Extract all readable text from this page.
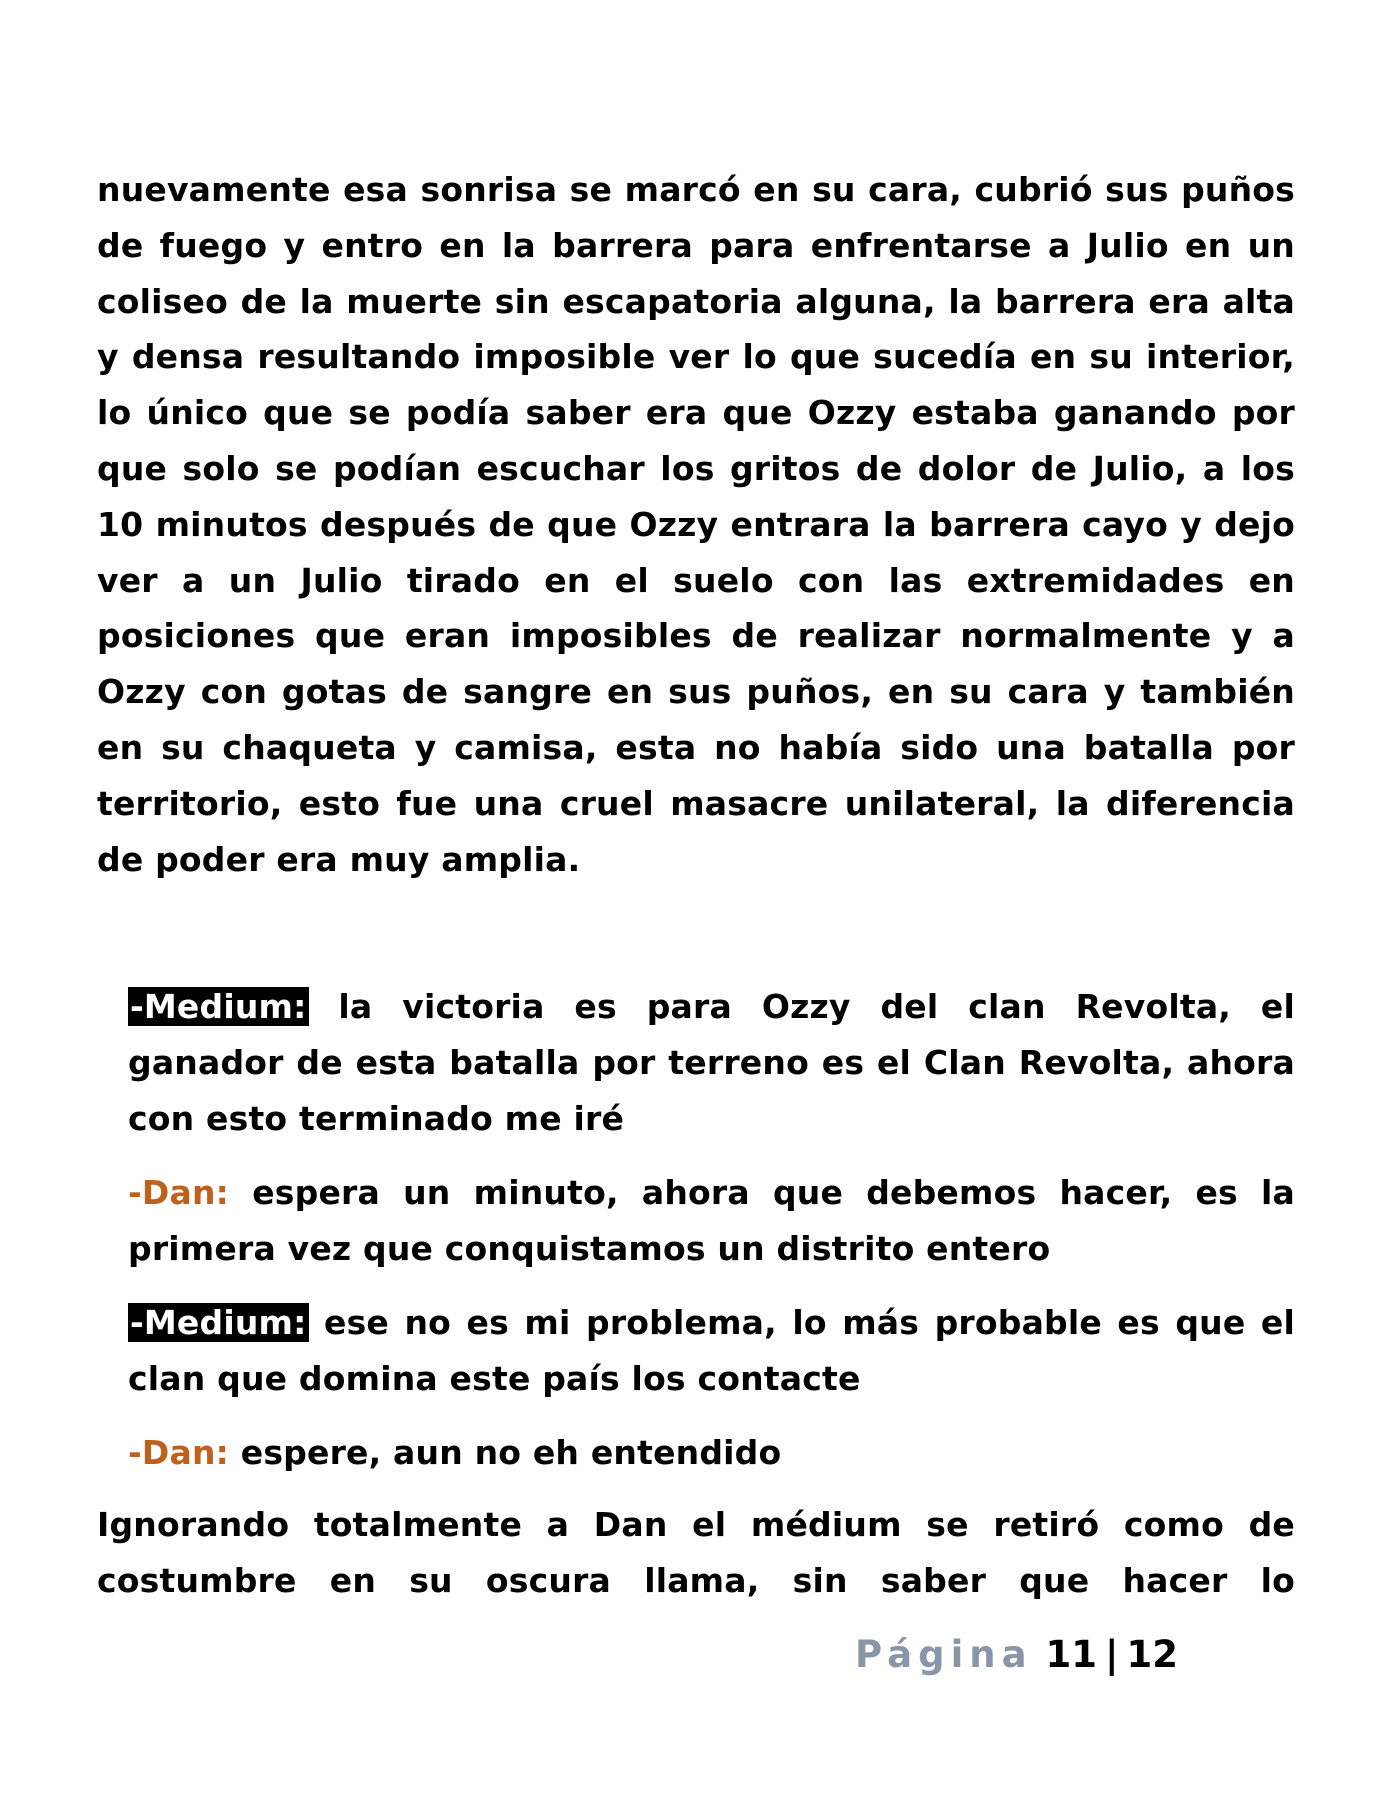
nuevamente esa sonrisa se marcó en su cara, cubrió sus puños de fuego y entro en la barrera para enfrentarse a Julio en un coliseo de la muerte sin escapatoria alguna, la barrera era alta y densa resultando imposible ver lo que sucedía en su interior, lo único que se podía saber era que Ozzy estaba ganando por que solo se podían escuchar los gritos de dolor de Julio, a los 10 minutos después de que Ozzy entrara la barrera cayo y dejo ver a un Julio tirado en el suelo con las extremidades en posiciones que eran imposibles de realizar normalmente y a Ozzy con gotas de sangre en sus puños, en su cara y también en su chaqueta y camisa, esta no había sido una batalla por territorio, esto fue una cruel masacre unilateral, la diferencia de poder era muy amplia.

-Medium: la victoria es para Ozzy del clan Revolta, el ganador de esta batalla por terreno es el Clan Revolta, ahora con esto terminado me iré

-Dan: espera un minuto, ahora que debemos hacer, es la primera vez que conquistamos un distrito entero

-Medium: ese no es mi problema, lo más probable es que el clan que domina este país los contacte

-Dan: espere, aun no eh entendido

Ignorando totalmente a Dan el médium se retiró como de costumbre en su oscura llama, sin saber que hacer lo

Página 11 | 12
